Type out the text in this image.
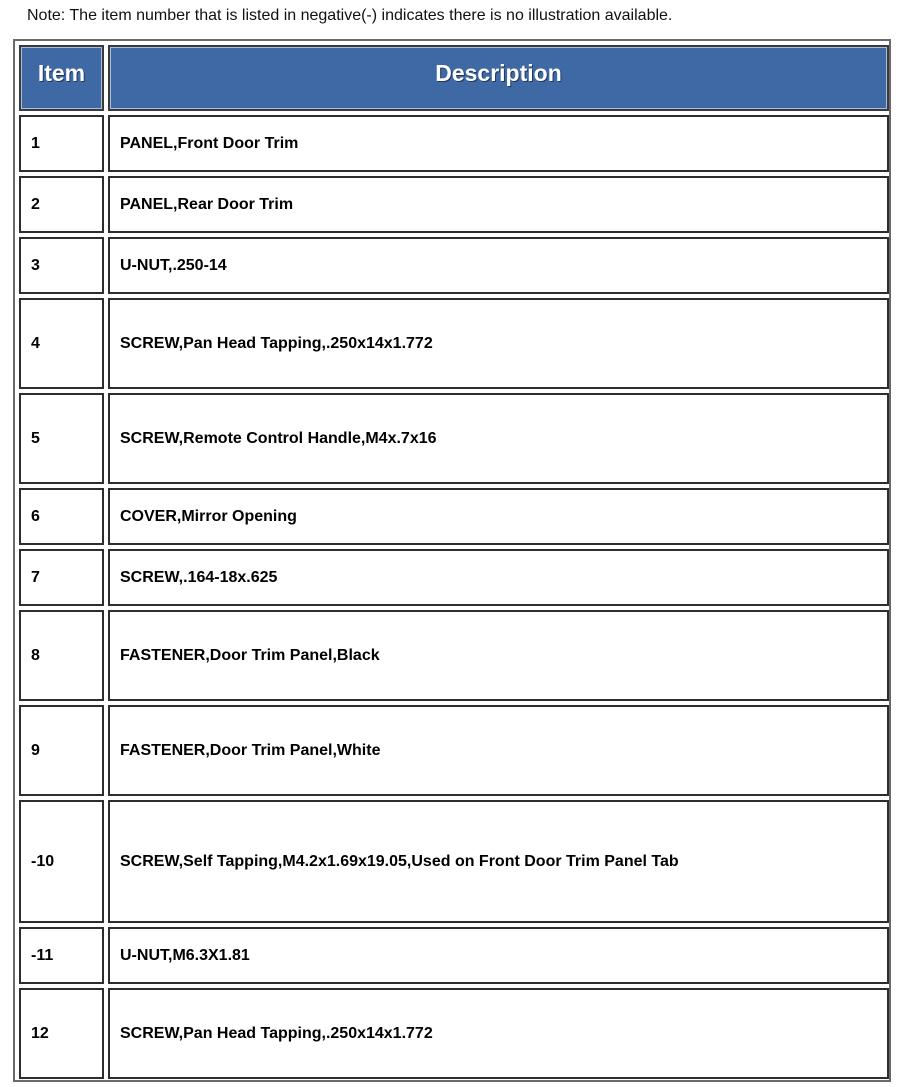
Note: The item number that is listed in negative(-) indicates there is no illustration available.
Item	Description
1	PANEL,Front Door Trim
2	PANEL,Rear Door Trim
3	U-NUT,.250-14
4	SCREW,Pan Head Tapping,.250x14x1.772
5	SCREW,Remote Control Handle,M4x.7x16
6	COVER,Mirror Opening
7	SCREW,.164-18x.625
8	FASTENER,Door Trim Panel,Black
9	FASTENER,Door Trim Panel,White
-10	SCREW,Self Tapping,M4.2x1.69x19.05,Used on Front Door Trim Panel Tab
-11	U-NUT,M6.3X1.81
12	SCREW,Pan Head Tapping,.250x14x1.772
